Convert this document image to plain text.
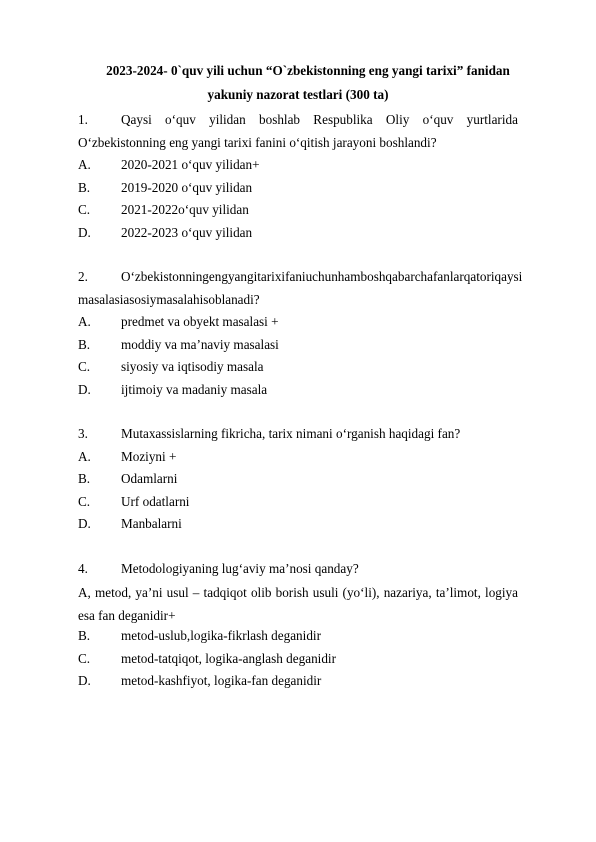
2023-2024- 0`quv yili uchun “O`zbekistonning eng yangi tarixi” fanidan

yakuniy nazorat testlari (300 ta)

1.	Qaysi o‘quv yilidan boshlab Respublika Oliy o‘quv yurtlarida
O‘zbekistonning eng yangi tarixi fanini o‘qitish jarayoni boshlandi?
A.	2020-2021 o‘quv yilidan+
B.	2019-2020 o‘quv yilidan
C.	2021-2022o‘quv yilidan
D.	2022-2023 o‘quv yilidan
2.	O‘zbekistonningengyangitarixifaniuchunhamboshqabarchafanlarqatoriqaysi
masalasiasosiymasalahisoblanadi?
A.	predmet va obyekt masalasi +
B.	moddiy va ma’naviy masalasi
C.	siyosiy va iqtisodiy masala
D.	ijtimoiy va madaniy masala
3.	Mutaxassislarning fikricha, tarix nimani o‘rganish haqidagi fan?
A.	Moziyni +
B.	Odamlarni
C.	Urf odatlarni
D.	Manbalarni
4.	Metodologiyaning lug‘aviy ma’nosi qanday?
A, metod, ya’ni usul – tadqiqot olib borish usuli (yo‘li), nazariya, ta’limot, logiya esa fan deganidir+
B.	metod-uslub,logika-fikrlash deganidir
C.	metod-tatqiqot, logika-anglash deganidir
D.	metod-kashfiyot, logika-fan deganidir
